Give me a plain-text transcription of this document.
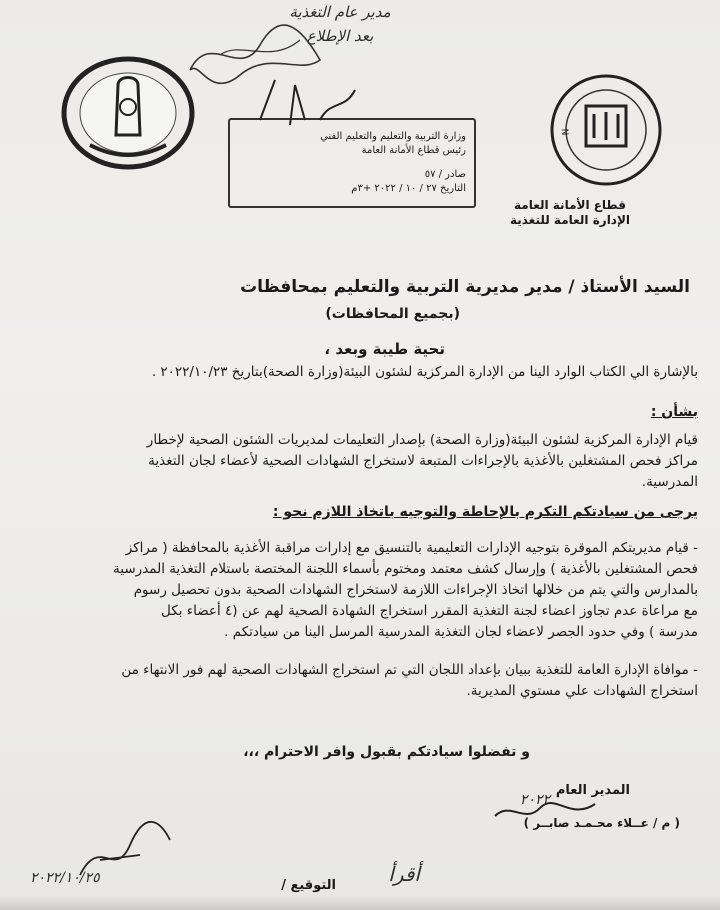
مدير عام التغذية
بعد الإطلاع
وزارة التربية والتعليم والتعليم الفني
رئيس قطاع الأمانة العامة
صادر / ٥٧
التاريخ ٢٧ / ١٠ / ٢٠٢٢ +٣م
N
قطاع الأمانة العامة
الإدارة العامة للتغذية
السيد الأستاذ / مدير مديرية التربية والتعليم بمحافظات
(بجميع المحافظات)
تحية طيبة وبعد ،
بالإشارة الي الكتاب الوارد الينا من الإدارة المركزية لشئون البيئة(وزارة الصحة)بتاريخ ٢٠٢٢/١٠/٢٣ .
بشأن :
قيام الإدارة المركزية لشئون البيئة(وزارة الصحة) بإصدار التعليمات لمديريات الشئون الصحية لإخطار
مراكز فحص المشتغلين بالأغذية بالإجراءات المتبعة لاستخراج الشهادات الصحية لأعضاء لجان التغذية
المدرسية.
يرجى من سيادتكم التكرم بالإحاطة والتوجيه باتخاذ اللازم نحو :
- قيام مديريتكم الموقرة بتوجيه الإدارات التعليمية بالتنسيق مع إدارات مراقبة الأغذية بالمحافظة ( مراكز
فحص المشتغلين بالأغذية ) وإرسال كشف معتمد ومختوم بأسماء اللجنة المختصة باستلام التغذية المدرسية
بالمدارس والتي يتم من خلالها اتخاذ الإجراءات اللازمة لاستخراج الشهادات الصحية بدون تحصيل رسوم
مع مراعاة عدم تجاوز اعضاء لجنة التغذية المقرر استخراج الشهادة الصحية لهم عن (٤ أعضاء بكل
مدرسة ) وفي حدود الجصر لاعضاء لجان التغذية المدرسية المرسل الينا من سيادتكم .
- موافاة الإدارة العامة للتغذية ببيان بإعداد اللجان التي تم استخراج الشهادات الصحية لهم فور الانتهاء من
استخراج الشهادات علي مستوي المديرية.
و تفضلوا سيادتكم بقبول وافر الاحترام ،،،
المدير العام
٢٠٢٢
( م / عــلاء محـمـد صابــر )
التوقيع /	أقرأ
٢٠٢٢/١٠/٢٥
